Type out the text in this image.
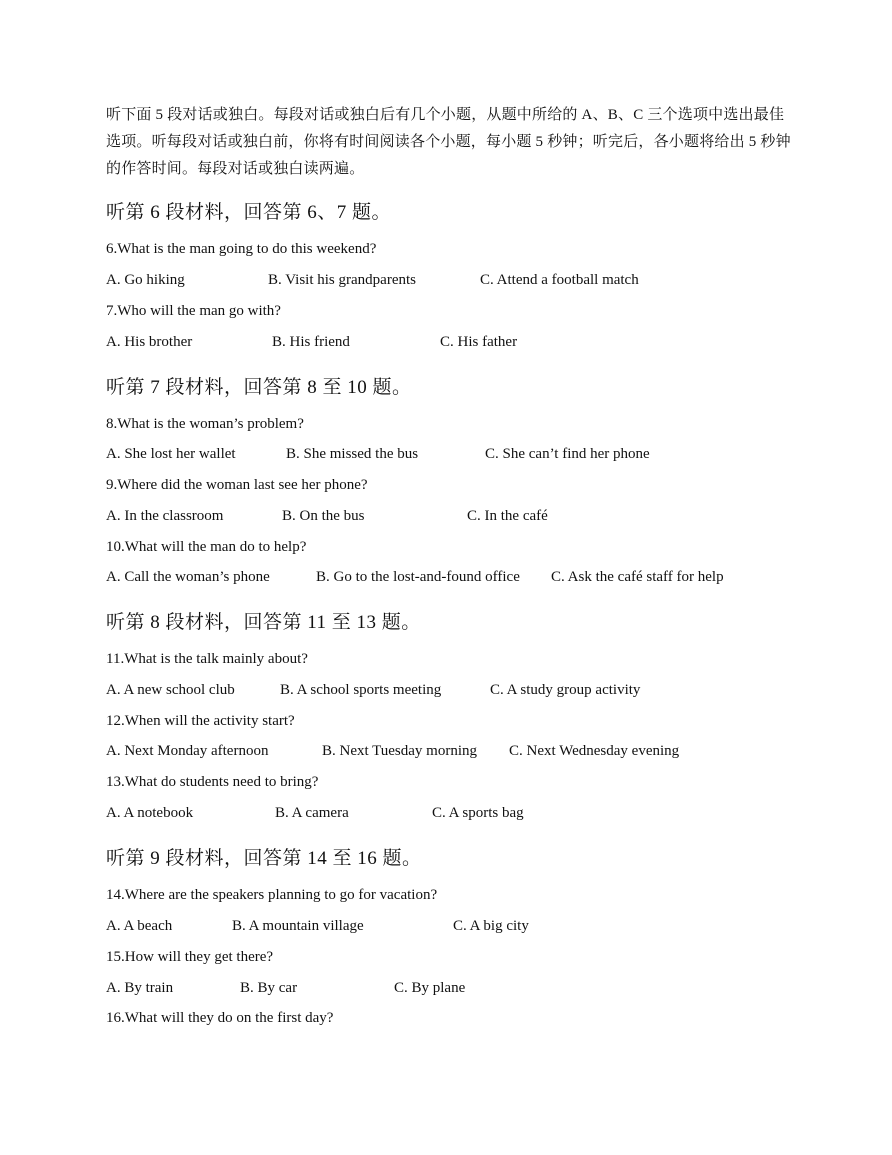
听下面 5 段对话或独白。每段对话或独白后有几个小题，从题中所给的 A、B、C 三个选项中选出最佳选项。听每段对话或独白前，你将有时间阅读各个小题，每小题 5 秒钟；听完后，各小题将给出 5 秒钟的作答时间。每段对话或独白读两遍。
听第 6 段材料，回答第 6、7 题。
6.What is the man going to do this weekend?
A. Go hiking	B. Visit his grandparents	C. Attend a football match
7.Who will the man go with?
A. His brother	B. His friend	C. His father
听第 7 段材料，回答第 8 至 10 题。
8.What is the woman’s problem?
A. She lost her wallet	B. She missed the bus	C. She can’t find her phone
9.Where did the woman last see her phone?
A. In the classroom	B. On the bus	C. In the café
10.What will the man do to help?
A. Call the woman’s phone	B. Go to the lost-and-found office C. Ask the café staff for help
听第 8 段材料，回答第 11 至 13 题。
11.What is the talk mainly about?
A. A new school club	B. A school sports meeting	C. A study group activity
12.When will the activity start?
A. Next Monday afternoon	B. Next Tuesday morning C. Next Wednesday evening
13.What do students need to bring?
A. A notebook	B. A camera	C. A sports bag
听第 9 段材料，回答第 14 至 16 题。
14.Where are the speakers planning to go for vacation?
A. A beach	B. A mountain village	C. A big city
15.How will they get there?
A. By train	B. By car	C. By plane
16.What will they do on the first day?
